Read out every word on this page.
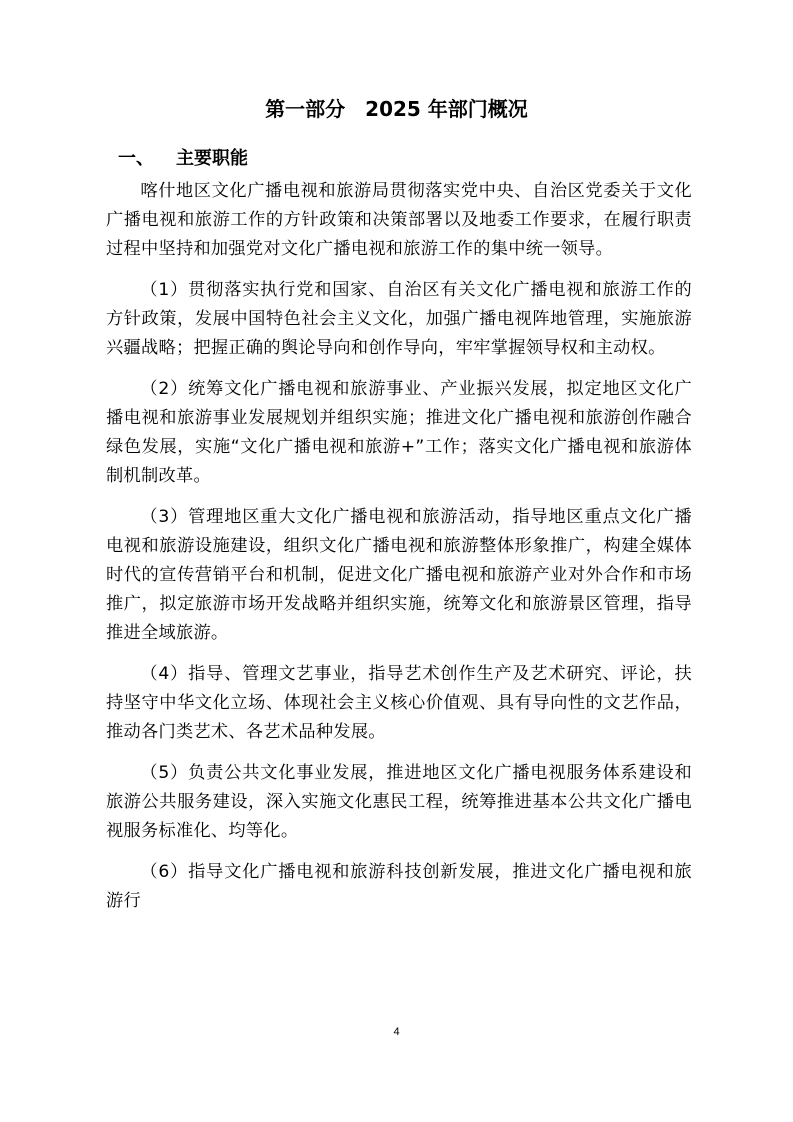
第一部分　2025 年部门概况
一、 主要职能

喀什地区文化广播电视和旅游局贯彻落实党中央、自治区党委关于文化广播电视和旅游工作的方针政策和决策部署以及地委工作要求，在履行职责过程中坚持和加强党对文化广播电视和旅游工作的集中统一领导。

（1）贯彻落实执行党和国家、自治区有关文化广播电视和旅游工作的方针政策，发展中国特色社会主义文化，加强广播电视阵地管理，实施旅游兴疆战略；把握正确的舆论导向和创作导向，牢牢掌握领导权和主动权。

（2）统筹文化广播电视和旅游事业、产业振兴发展，拟定地区文化广播电视和旅游事业发展规划并组织实施；推进文化广播电视和旅游创作融合绿色发展，实施“文化广播电视和旅游+”工作；落实文化广播电视和旅游体制机制改革。

（3）管理地区重大文化广播电视和旅游活动，指导地区重点文化广播电视和旅游设施建设，组织文化广播电视和旅游整体形象推广，构建全媒体时代的宣传营销平台和机制，促进文化广播电视和旅游产业对外合作和市场推广，拟定旅游市场开发战略并组织实施，统筹文化和旅游景区管理，指导推进全域旅游。

（4）指导、管理文艺事业，指导艺术创作生产及艺术研究、评论，扶持坚守中华文化立场、体现社会主义核心价值观、具有导向性的文艺作品，推动各门类艺术、各艺术品种发展。

（5）负责公共文化事业发展，推进地区文化广播电视服务体系建设和旅游公共服务建设，深入实施文化惠民工程，统筹推进基本公共文化广播电视服务标准化、均等化。

（6）指导文化广播电视和旅游科技创新发展，推进文化广播电视和旅游行

4
